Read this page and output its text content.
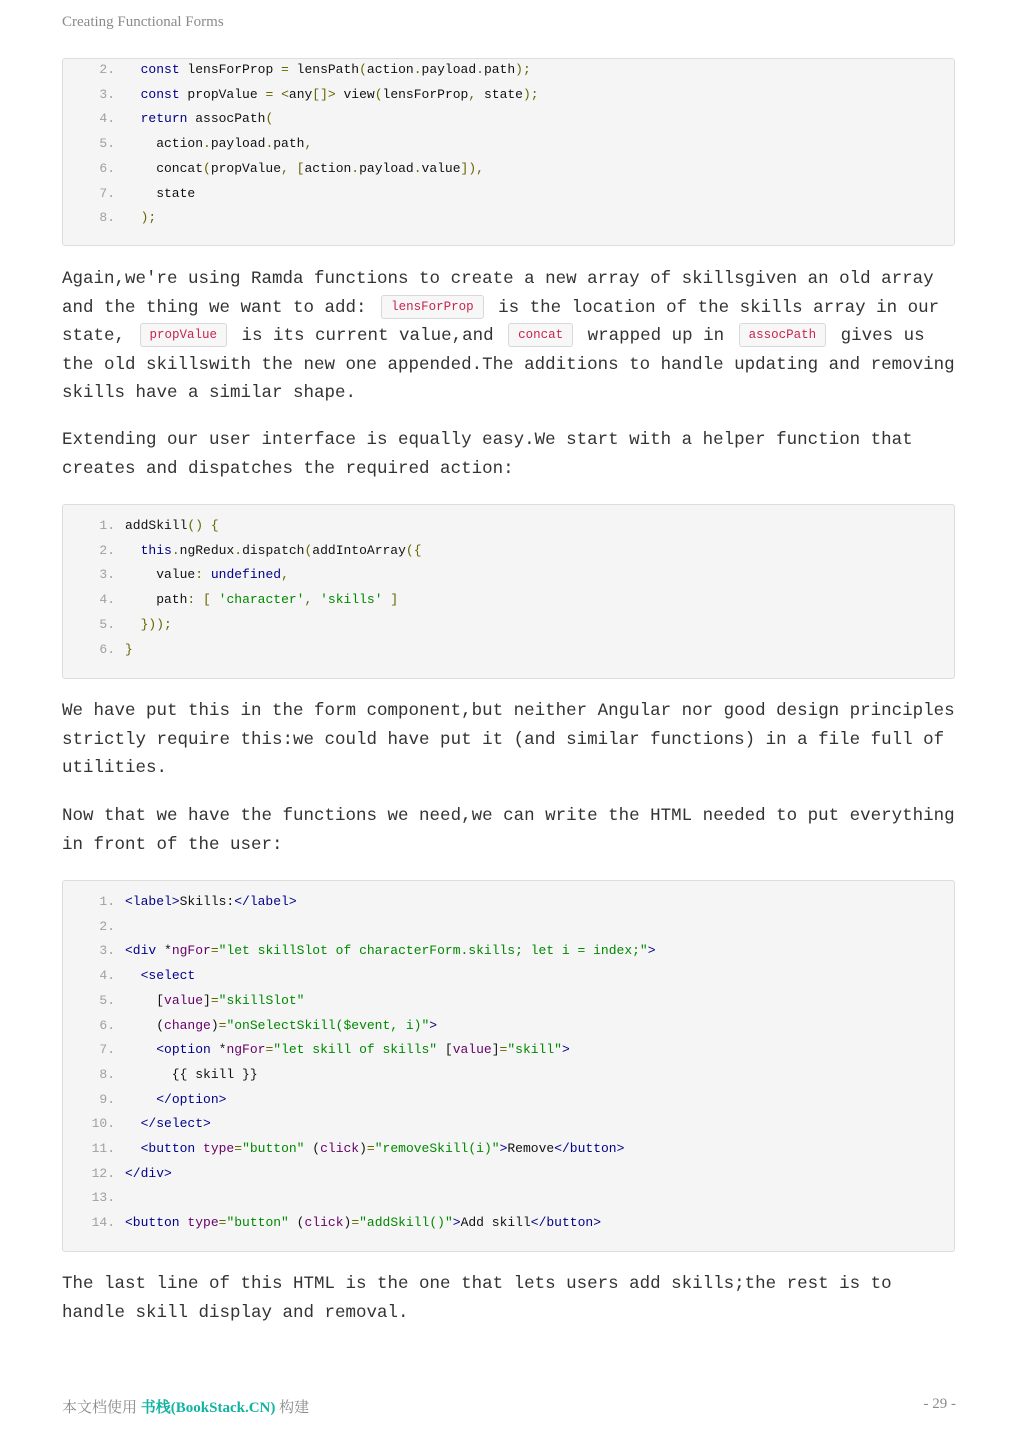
Creating Functional Forms
2.	const lensForProp = lensPath(action.payload.path);
3.	const propValue = <any[]> view(lensForProp, state);
4.	return assocPath(
5. action.payload.path,
6. concat(propValue, [action.payload.value]),
7. state
8.	);
Again,we're using Ramda functions to create a new array of skillsgiven an old array and the thing we want to add: lensForProp is the location of the skills array in our state, propValue is its current value,and concat wrapped up in assocPath gives us the old skillswith the new one appended.The additions to handle updating and removing skills have a similar shape.
Extending our user interface is equally easy.We start with a helper function that creates and dispatches the required action:
1. addSkill() {
2.	this.ngRedux.dispatch(addIntoArray({
3. value: undefined,
4. path: [ 'character', 'skills' ]
5.	}));
6. }
We have put this in the form component,but neither Angular nor good design principles strictly require this:we could have put it (and similar functions) in a file full of utilities.
Now that we have the functions we need,we can write the HTML needed to put everything in front of the user:
1. <label>Skills:</label>
2.
3. <div *ngFor="let skillSlot of characterForm.skills; let i = index;">
4.	<select
5. [value]="skillSlot"
6. (change)="onSelectSkill($event, i)">
7.	<option *ngFor="let skill of skills" [value]="skill">
8. {{ skill }}
9.	</option>
10.	</select>
11.	<button type="button" (click)="removeSkill(i)">Remove</button>
12. </div>
13.
14. <button type="button" (click)="addSkill()">Add skill</button>
The last line of this HTML is the one that lets users add skills;the rest is to handle skill display and removal.
本文档使用 书栈(BookStack.CN) 构建	- 29 -
